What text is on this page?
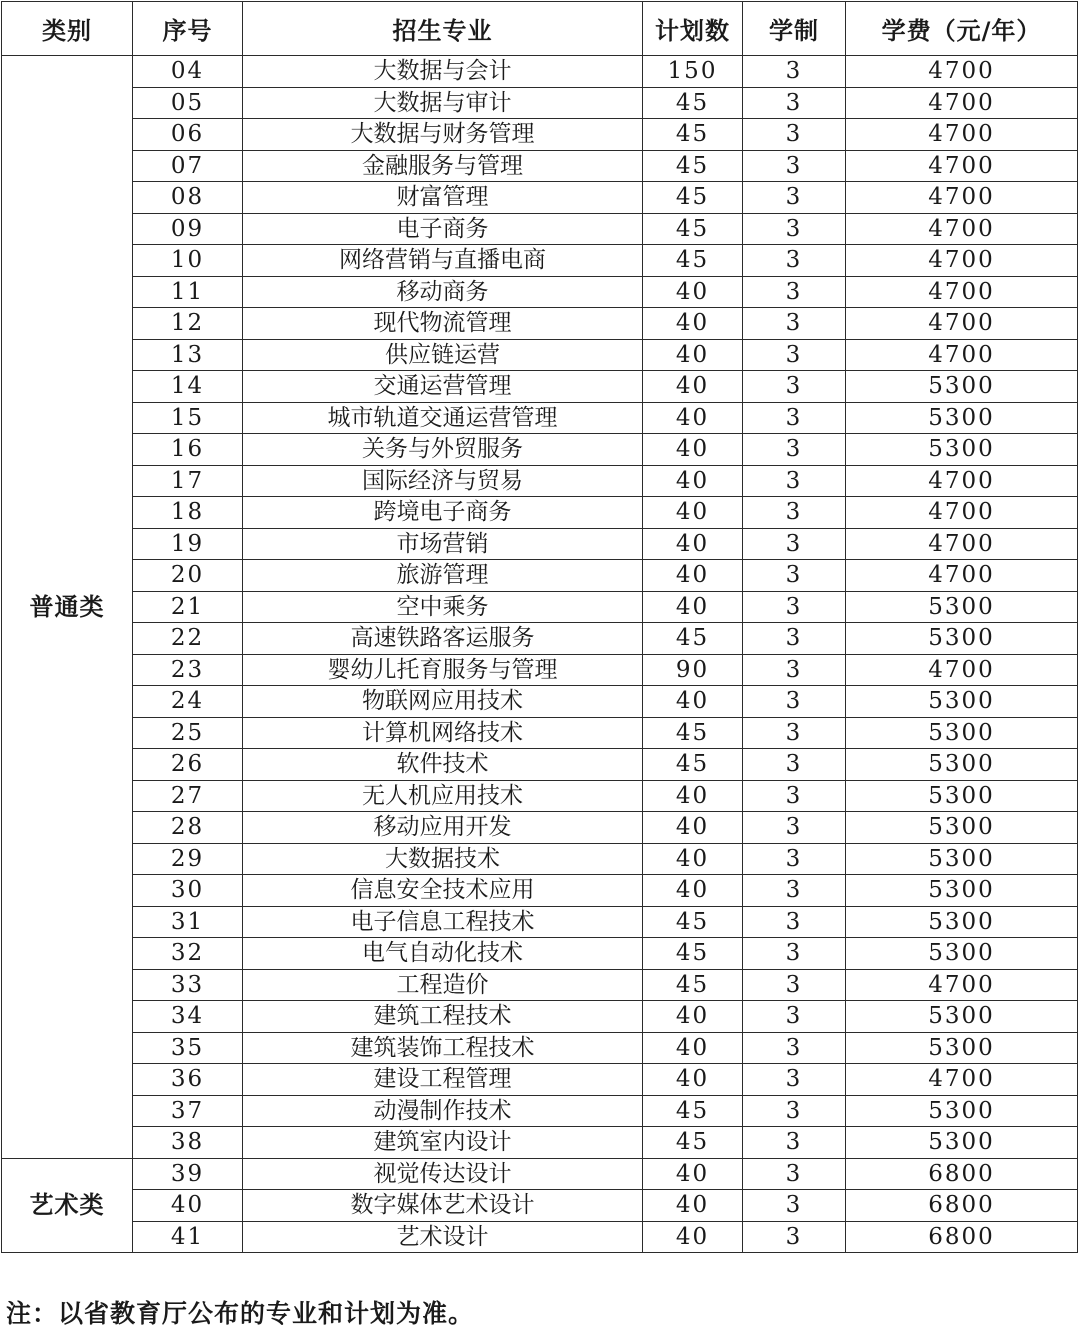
类别	序号	招生专业	计划数	学制	学费（元/年）
普通类	04	大数据与会计	150	3	4700
	05	大数据与审计	45	3	4700
	06	大数据与财务管理	45	3	4700
	07	金融服务与管理	45	3	4700
	08	财富管理	45	3	4700
	09	电子商务	45	3	4700
	10	网络营销与直播电商	45	3	4700
	11	移动商务	40	3	4700
	12	现代物流管理	40	3	4700
	13	供应链运营	40	3	4700
	14	交通运营管理	40	3	5300
	15	城市轨道交通运营管理	40	3	5300
	16	关务与外贸服务	40	3	5300
	17	国际经济与贸易	40	3	4700
	18	跨境电子商务	40	3	4700
	19	市场营销	40	3	4700
	20	旅游管理	40	3	4700
	21	空中乘务	40	3	5300
	22	高速铁路客运服务	45	3	5300
	23	婴幼儿托育服务与管理	90	3	4700
	24	物联网应用技术	40	3	5300
	25	计算机网络技术	45	3	5300
	26	软件技术	45	3	5300
	27	无人机应用技术	40	3	5300
	28	移动应用开发	40	3	5300
	29	大数据技术	40	3	5300
	30	信息安全技术应用	40	3	5300
	31	电子信息工程技术	45	3	5300
	32	电气自动化技术	45	3	5300
	33	工程造价	45	3	4700
	34	建筑工程技术	40	3	5300
	35	建筑装饰工程技术	40	3	5300
	36	建设工程管理	40	3	4700
	37	动漫制作技术	45	3	5300
	38	建筑室内设计	45	3	5300
艺术类	39	视觉传达设计	40	3	6800
	40	数字媒体艺术设计	40	3	6800
	41	艺术设计	40	3	6800
注：以省教育厅公布的专业和计划为准。
